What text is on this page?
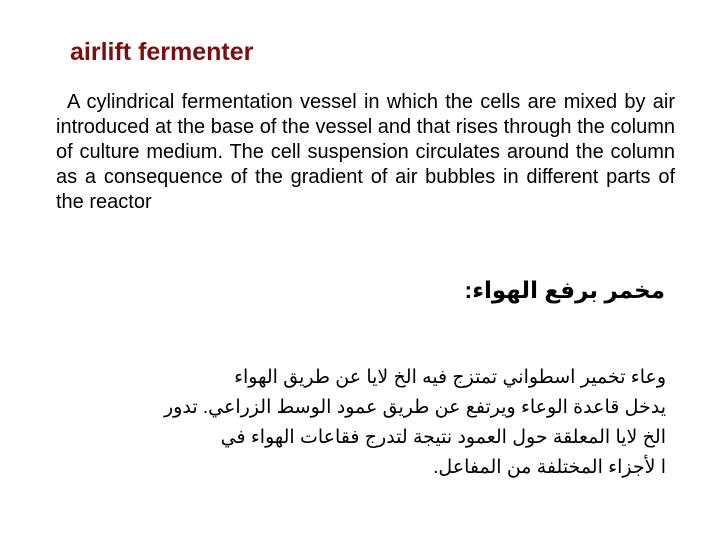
airlift fermenter

A cylindrical fermentation vessel in which the cells are mixed by air introduced at the base of the vessel and that rises through the column of culture medium. The cell suspension circulates around the column as a consequence of the gradient of air bubbles in different parts of the reactor

مخمر برفع الهواء:
وعاء تخمير اسطواني تمتزج فيه الخ لايا عن طريق الهواء
يدخل قاعدة الوعاء ويرتفع عن طريق عمود الوسط الزراعي. تدور
الخ لايا المعلقة حول العمود نتيجة لتدرج فقاعات الهواء في
ا لأجزاء المختلفة من المفاعل.
